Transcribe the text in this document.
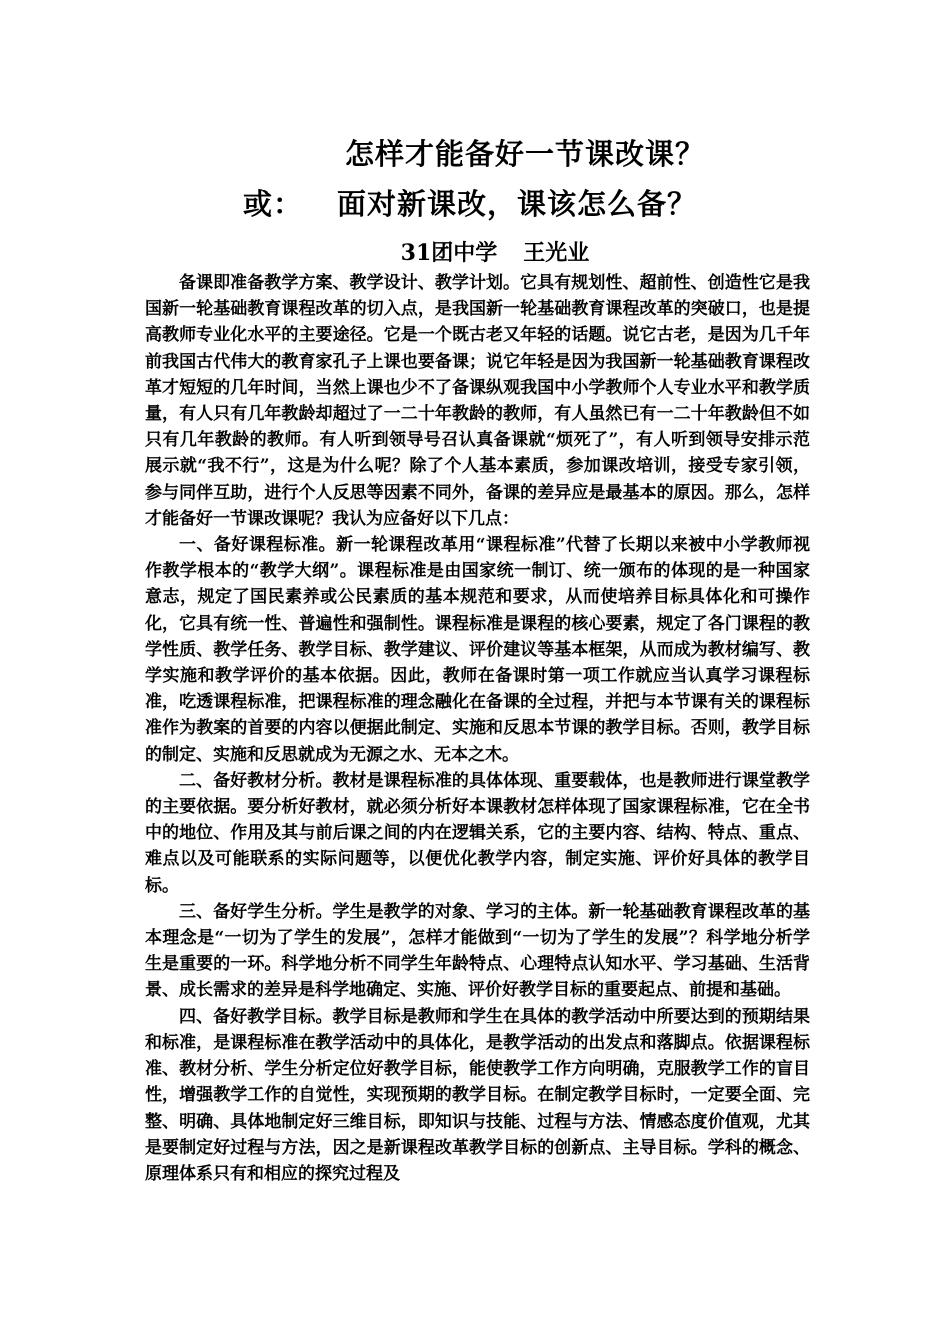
怎样才能备好一节课改课？
或： 面对新课改，课该怎么备？
31团中学 王光业

备课即准备教学方案、教学设计、教学计划。它具有规划性、超前性、创造性它是我国新一轮基础教育课程改革的切入点，是我国新一轮基础教育课程改革的突破口，也是提高教师专业化水平的主要途径。它是一个既古老又年轻的话题。说它古老，是因为几千年前我国古代伟大的教育家孔子上课也要备课；说它年轻是因为我国新一轮基础教育课程改革才短短的几年时间，当然上课也少不了备课纵观我国中小学教师个人专业水平和教学质量，有人只有几年教龄却超过了一二十年教龄的教师，有人虽然已有一二十年教龄但不如只有几年教龄的教师。有人听到领导号召认真备课就“烦死了”，有人听到领导安排示范展示就“我不行”，这是为什么呢？除了个人基本素质，参加课改培训，接受专家引领，参与同伴互助，进行个人反思等因素不同外，备课的差异应是最基本的原因。那么，怎样才能备好一节课改课呢？我认为应备好以下几点：

一、备好课程标准。新一轮课程改革用“课程标准”代替了长期以来被中小学教师视作教学根本的“教学大纲”。课程标准是由国家统一制订、统一颁布的体现的是一种国家意志，规定了国民素养或公民素质的基本规范和要求，从而使培养目标具体化和可操作化，它具有统一性、普遍性和强制性。课程标准是课程的核心要素，规定了各门课程的教学性质、教学任务、教学目标、教学建议、评价建议等基本框架，从而成为教材编写、教学实施和教学评价的基本依据。因此，教师在备课时第一项工作就应当认真学习课程标准，吃透课程标准，把课程标准的理念融化在备课的全过程，并把与本节课有关的课程标准作为教案的首要的内容以便据此制定、实施和反思本节课的教学目标。否则，教学目标的制定、实施和反思就成为无源之水、无本之木。

二、备好教材分析。教材是课程标准的具体体现、重要载体，也是教师进行课堂教学的主要依据。要分析好教材，就必须分析好本课教材怎样体现了国家课程标准，它在全书中的地位、作用及其与前后课之间的内在逻辑关系，它的主要内容、结构、特点、重点、难点以及可能联系的实际问题等，以便优化教学内容，制定实施、评价好具体的教学目标。

三、备好学生分析。学生是教学的对象、学习的主体。新一轮基础教育课程改革的基本理念是“一切为了学生的发展”，怎样才能做到“一切为了学生的发展”？科学地分析学生是重要的一环。科学地分析不同学生年龄特点、心理特点认知水平、学习基础、生活背景、成长需求的差异是科学地确定、实施、评价好教学目标的重要起点、前提和基础。

四、备好教学目标。教学目标是教师和学生在具体的教学活动中所要达到的预期结果和标准，是课程标准在教学活动中的具体化，是教学活动的出发点和落脚点。依据课程标准、教材分析、学生分析定位好教学目标，能使教学工作方向明确，克服教学工作的盲目性，增强教学工作的自觉性，实现预期的教学目标。在制定教学目标时，一定要全面、完整、明确、具体地制定好三维目标，即知识与技能、过程与方法、情感态度价值观，尤其是要制定好过程与方法，因之是新课程改革教学目标的创新点、主导目标。学科的概念、原理体系只有和相应的探究过程及
